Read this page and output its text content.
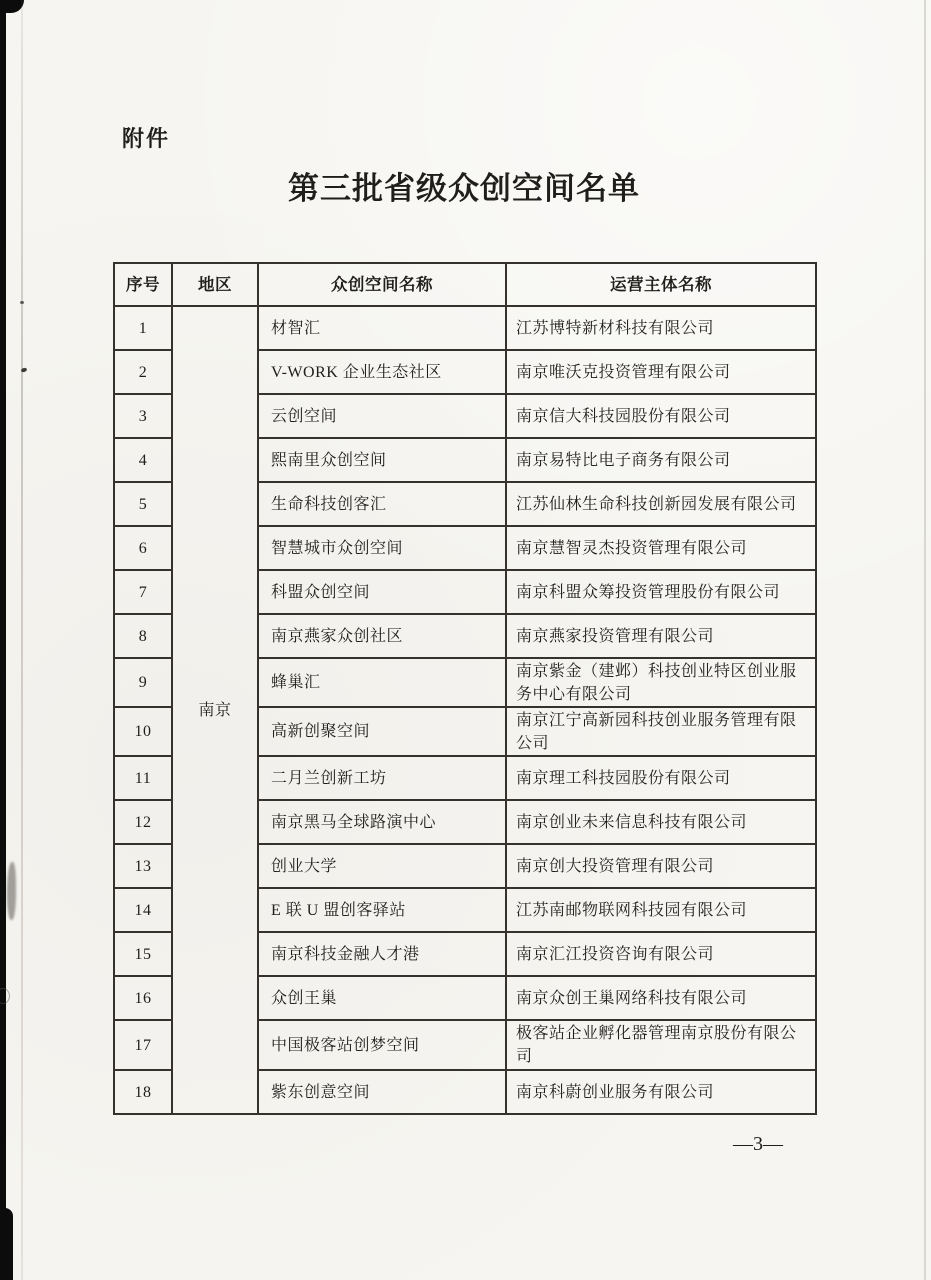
附件
第三批省级众创空间名单
序号	地区	众创空间名称	运营主体名称
1	南京	材智汇	江苏博特新材科技有限公司
2		V-WORK 企业生态社区	南京唯沃克投资管理有限公司
3		云创空间	南京信大科技园股份有限公司
4		熙南里众创空间	南京易特比电子商务有限公司
5		生命科技创客汇	江苏仙林生命科技创新园发展有限公司
6		智慧城市众创空间	南京慧智灵杰投资管理有限公司
7		科盟众创空间	南京科盟众筹投资管理股份有限公司
8		南京燕家众创社区	南京燕家投资管理有限公司
9		蜂巢汇	南京紫金（建邺）科技创业特区创业服务中心有限公司
10		高新创聚空间	南京江宁高新园科技创业服务管理有限公司
11		二月兰创新工坊	南京理工科技园股份有限公司
12		南京黑马全球路演中心	南京创业未来信息科技有限公司
13		创业大学	南京创大投资管理有限公司
14		E 联 U 盟创客驿站	江苏南邮物联网科技园有限公司
15		南京科技金融人才港	南京汇江投资咨询有限公司
16		众创王巢	南京众创王巢网络科技有限公司
17		中国极客站创梦空间	极客站企业孵化器管理南京股份有限公司
18		紫东创意空间	南京科蔚创业服务有限公司
—3—
